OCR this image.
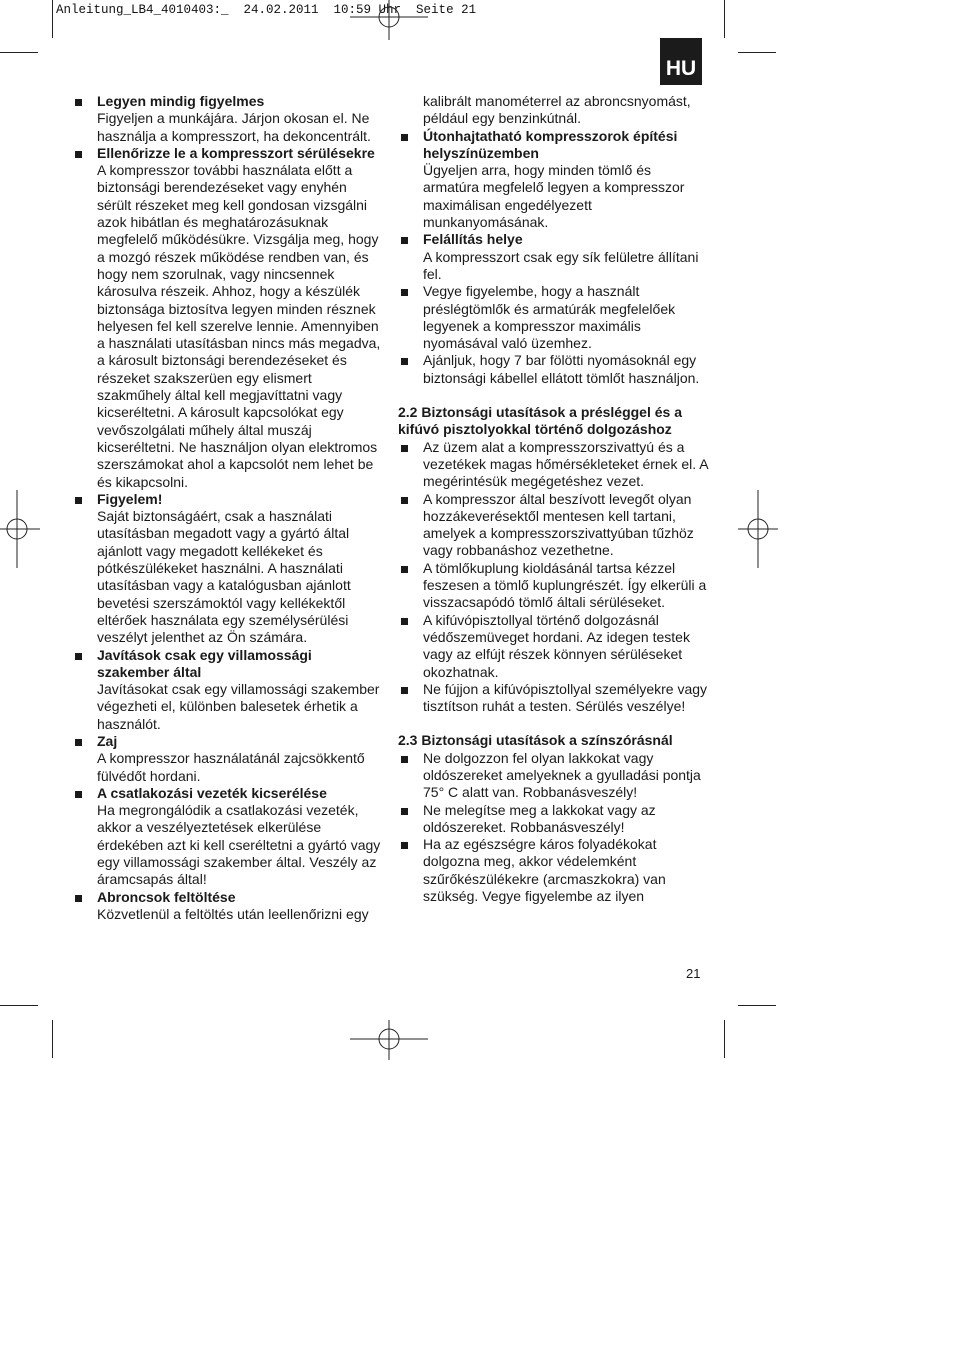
Anleitung_LB4_4010403:_  24.02.2011  10:59 Uhr  Seite 21
HU
Legyen mindig figyelmes
Figyeljen a munkájára. Járjon okosan el. Ne használja a kompresszort, ha dekoncentrált.
Ellenőrizze le a kompresszort sérülésekre
A kompresszor további használata előtt a biztonsági berendezéseket vagy enyhén sérült részeket meg kell gondosan vizsgálni azok hibátlan és meghatározásuknak megfelelő működésükre. Vizsgálja meg, hogy a mozgó részek működése rendben van, és hogy nem szorulnak, vagy nincsennek károsulva részeik. Ahhoz, hogy a készülék biztonsága biztosítva legyen minden résznek helyesen fel kell szerelve lennie. Amennyiben a használati utasításban nincs más megadva, a károsult biztonsági berendezéseket és részeket szakszerüen egy elismert szakműhely által kell megjavíttatni vagy kicseréltetni. A károsult kapcsolókat egy vevőszolgálati műhely által muszáj kicseréltetni. Ne használjon olyan elektromos szerszámokat ahol a kapcsolót nem lehet be és kikapcsolni.
Figyelem!
Saját biztonságáért, csak a használati utasításban megadott vagy a gyártó által ajánlott vagy megadott kellékeket és pótkészülékeket használni. A használati utasításban vagy a katalógusban ajánlott bevetési szerszámoktól vagy kellékektől eltérőek használata egy személysérülési veszélyt jelenthet az Ön számára.
Javítások csak egy villamossági szakember által
Javításokat csak egy villamossági szakember végezheti el, különben balesetek érhetik a használót.
Zaj
A kompresszor használatánál zajcsökkentő fülvédőt hordani.
A csatlakozási vezeték kicserélése
Ha megrongálódik a csatlakozási vezeték, akkor a veszélyeztetések elkerülése érdekében azt ki kell cseréltetni a gyártó vagy egy villamossági szakember által. Veszély az áramcsapás által!
Abroncsok feltöltése
Közvetlenül a feltöltés után leellenőrizni egy
kalibrált manométerrel az abroncsnyomást, például egy benzinkútnál.
Útonhajtatható kompresszorok építési helyszínüzemben
Ügyeljen arra, hogy minden tömlő és armatúra megfelelő legyen a kompresszor maximálisan engedélyezett munkanyomásának.
Felállítás helye
A kompresszort csak egy sík felületre állítani fel.
Vegye figyelembe, hogy a használt préslégtömlők és armatúrák megfelelőek legyenek a kompresszor maximális nyomásával való üzemhez.
Ajánljuk, hogy 7 bar fölötti nyomásoknál egy biztonsági kábellel ellátott tömlőt használjon.
2.2 Biztonsági utasítások a présléggel és a kifúvó pisztolyokkal történő dolgozáshoz
Az üzem alat a kompresszorszivattyú és a vezetékek magas hőmérsékleteket érnek el. A megérintésük megégetéshez vezet.
A kompresszor által beszívott levegőt olyan hozzákeverésektől mentesen kell tartani, amelyek a kompresszorszivattyúban tűzhöz vagy robbanáshoz vezethetne.
A tömlőkuplung kioldásánál tartsa kézzel feszesen a tömlő kuplungrészét. Így elkerüli a visszacsapódó tömlő általi sérüléseket.
A kifúvópisztollyal történő dolgozásnál védőszemüveget hordani. Az idegen testek vagy az elfújt részek könnyen sérüléseket okozhatnak.
Ne fújjon a kifúvópisztollyal személyekre vagy tisztítson ruhát a testen. Sérülés veszélye!
2.3 Biztonsági utasítások a színszórásnál
Ne dolgozzon fel olyan lakkokat vagy oldószereket amelyeknek a gyulladási pontja 75° C alatt van. Robbanásveszély!
Ne melegítse meg a lakkokat vagy az oldószereket. Robbanásveszély!
Ha az egészségre káros folyadékokat dolgozna meg, akkor védelemként szűrőkészülékekre (arcmaszkokra) van szükség. Vegye figyelembe az ilyen
21
